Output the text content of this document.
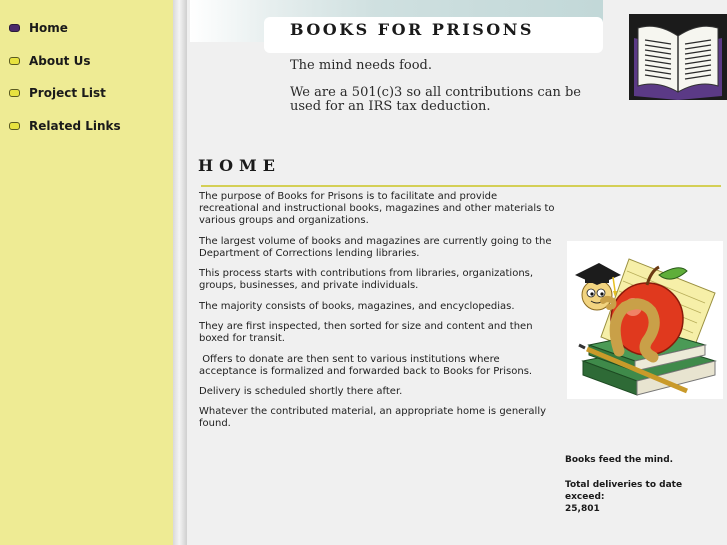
Home
About Us
Project List
Related Links
BOOKS FOR PRISONS
The mind needs food.
We are a 501(c)3 so all contributions can be used for an IRS tax deduction.
HOME

The purpose of Books for Prisons is to facilitate and provide recreational and instructional books, magazines and other materials to various groups and organizations.

The largest volume of books and magazines are currently going to the Department of Corrections lending libraries.

This process starts with contributions from libraries, organizations, groups, businesses, and private individuals.

The majority consists of books, magazines, and encyclopedias.

They are first inspected, then sorted for size and content and then boxed for transit.

Offers to donate are then sent to various institutions where acceptance is formalized and forwarded back to Books for Prisons.

Delivery is scheduled shortly there after.

Whatever the contributed material, an appropriate home is generally found.

Books feed the mind.
Total deliveries to date
exceed:
25,801
